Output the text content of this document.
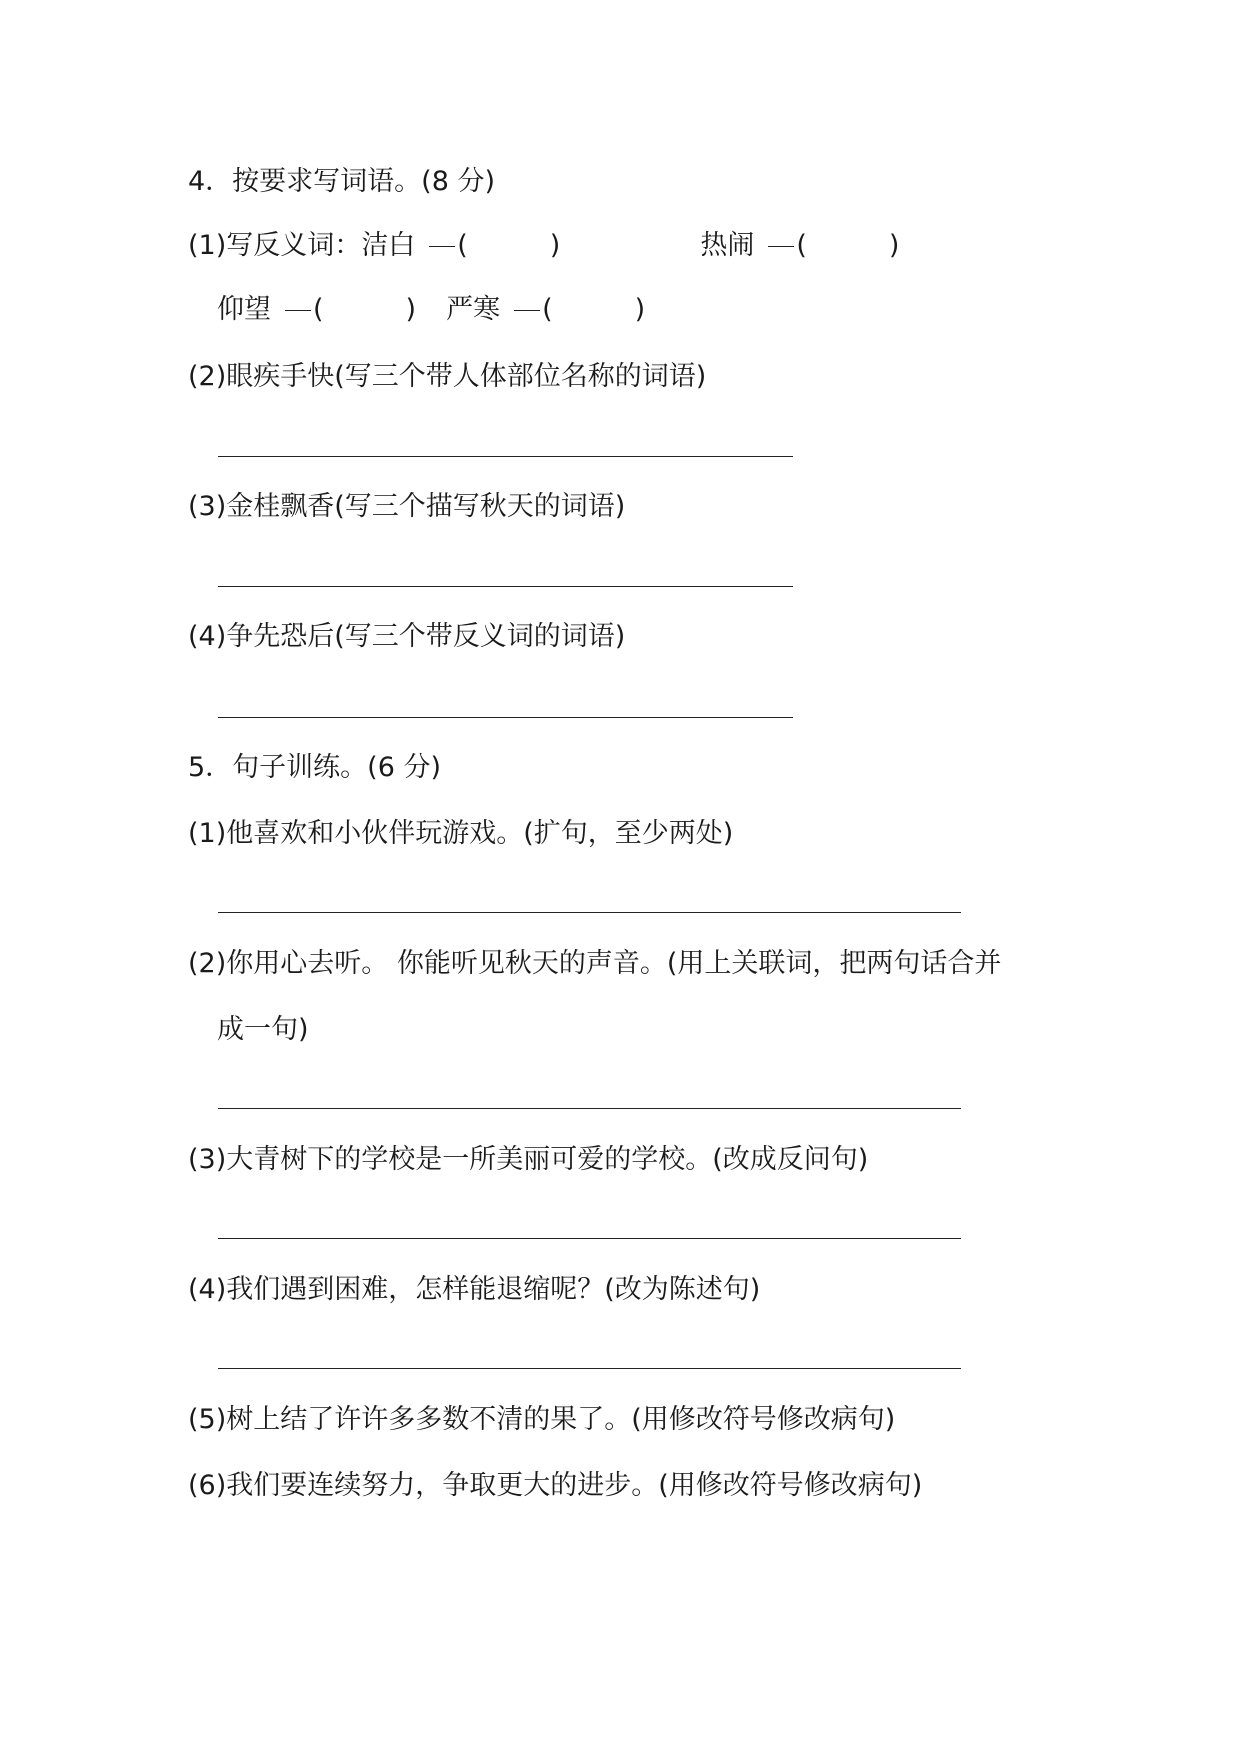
4．按要求写词语。(8 分)
(1)写反义词：洁白 (	)	热闹 (	)
仰望 (	) 严寒 (	)
(2)眼疾手快(写三个带人体部位名称的词语)
(3)金桂飘香(写三个描写秋天的词语)
(4)争先恐后(写三个带反义词的词语)
5．句子训练。(6 分)
(1)他喜欢和小伙伴玩游戏。(扩句，至少两处)
(2)你用心去听。 你能听见秋天的声音。(用上关联词，把两句话合并
成一句)
(3)大青树下的学校是一所美丽可爱的学校。(改成反问句)
(4)我们遇到困难，怎样能退缩呢？(改为陈述句)
(5)树上结了许许多多数不清的果了。(用修改符号修改病句)
(6)我们要连续努力，争取更大的进步。(用修改符号修改病句)
